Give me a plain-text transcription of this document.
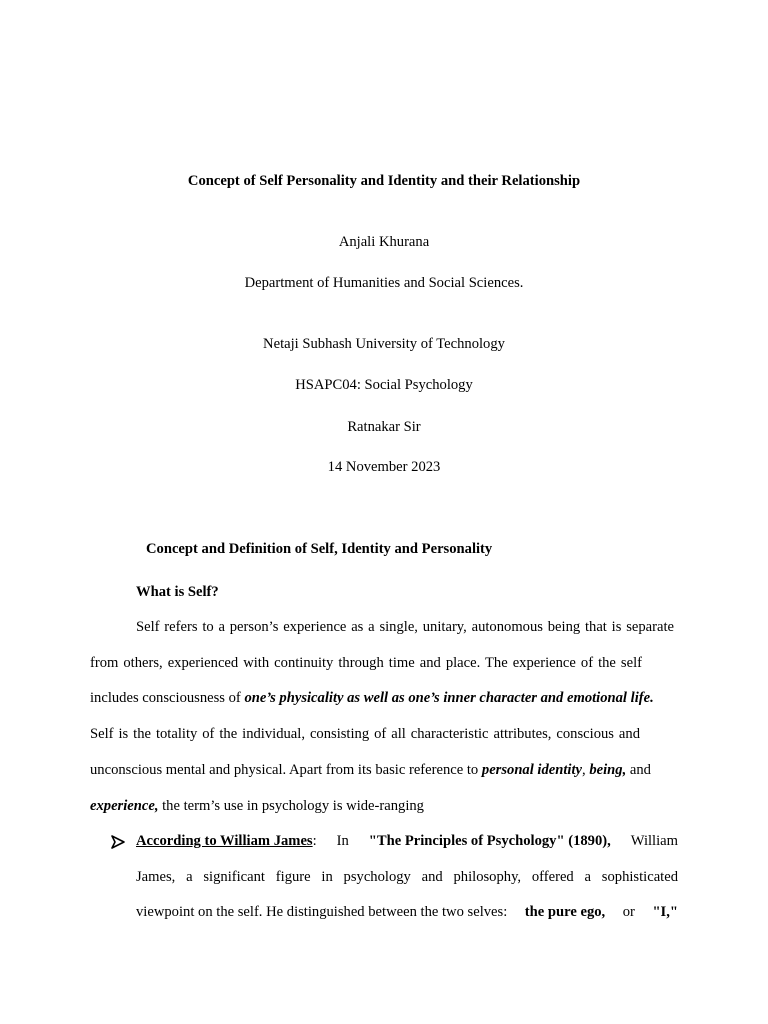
Concept of Self Personality and Identity and their Relationship
Anjali Khurana
Department of Humanities and Social Sciences.
Netaji Subhash University of Technology
HSAPC04: Social Psychology
Ratnakar Sir
14 November 2023
Concept and Definition of Self, Identity and Personality
What is Self?
Self refers to a person’s experience as a single, unitary, autonomous being that is separate
from others, experienced with continuity through time and place. The experience of the self
includes consciousness of one’s physicality as well as one’s inner character and emotional life.
Self is the totality of the individual, consisting of all characteristic attributes, conscious and
unconscious mental and physical. Apart from its basic reference to personal identity, being, and
experience, the term’s use in psychology is wide-ranging
According to William James: In "The Principles of Psychology" (1890), William
James, a significant figure in psychology and philosophy, offered a sophisticated
viewpoint on the self. He distinguished between the two selves: the pure ego, or "I,"
